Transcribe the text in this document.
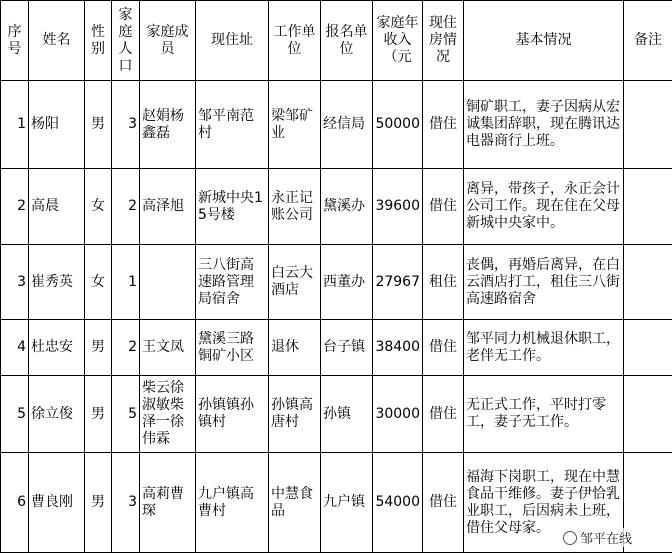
序号	姓名	性别	家庭人口	家庭成员	现住址	工作单位	报名单位	家庭年收入（元	现住房情况	基本情况	备注
1	杨阳	男	3	赵娟杨鑫磊	邹平南范村	梁邹矿业	经信局	50000	借住	铜矿职工，妻子因病从宏诚集团辞职，现在腾讯达电器商行上班。	
2	高晨	女	2	高泽旭	新城中央15号楼	永正记账公司	黛溪办	39600	借住	离异，带孩子，永正会计公司工作。现在住在父母新城中央家中。	
3	崔秀英	女	1		三八街高速路管理局宿舍	白云大酒店	西董办	27967	租住	丧偶，再婚后离异，在白云酒店打工，租住三八街高速路宿舍	
4	杜忠安	男	2	王文凤	黛溪三路铜矿小区	退休	台子镇	38400	借住	邹平同力机械退休职工，老伴无工作。	
5	徐立俊	男	5	柴云徐淑敏柴泽一徐伟霖	孙镇镇孙镇村	孙镇高唐村	孙镇	30000	借住	无正式工作，平时打零工，妻子无工作。	
6	曹良刚	男	3	高莉曹琛	九户镇高曹村	中慧食品	九户镇	54000	借住	福海下岗职工，现在中慧食品干维修。妻子伊恰乳业职工，后因病未上班，借住父母家。	
邹平在线
